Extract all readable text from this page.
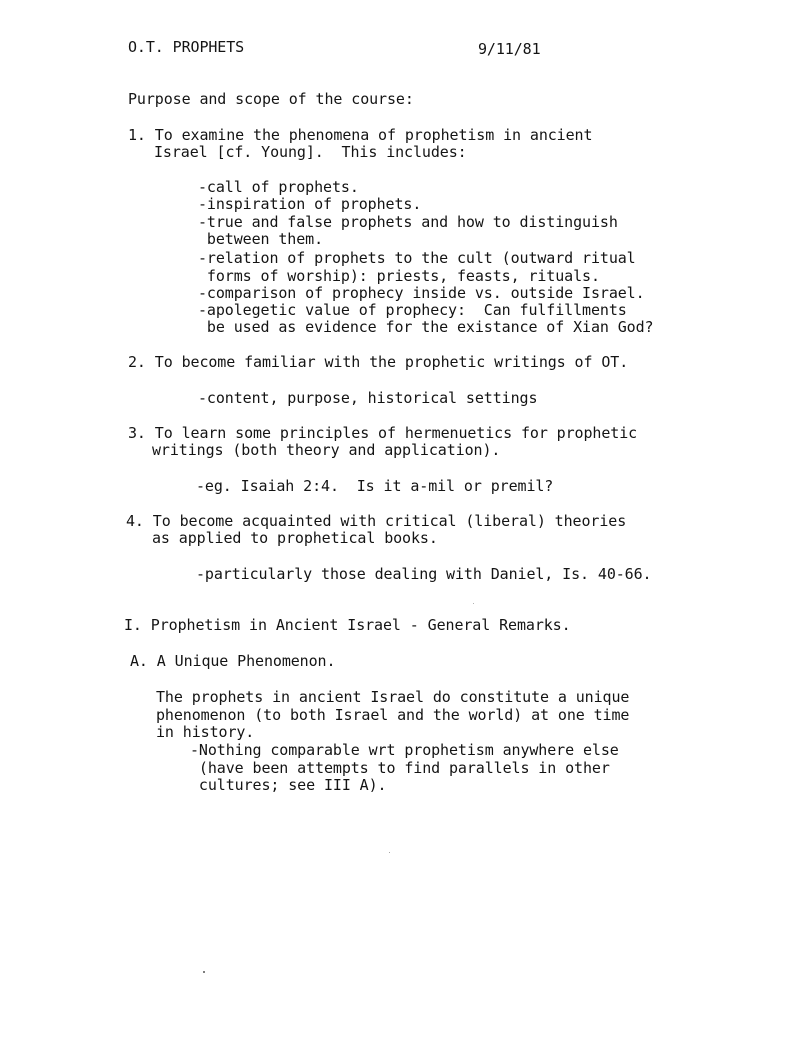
O.T. PROPHETS	9/11/81
Purpose and scope of the course:
1. To examine the phenomena of prophetism in ancient
Israel [cf. Young].  This includes:
-call of prophets.
-inspiration of prophets.
-true and false prophets and how to distinguish
between them.
-relation of prophets to the cult (outward ritual
forms of worship): priests, feasts, rituals.
-comparison of prophecy inside vs. outside Israel.
-apolegetic value of prophecy:  Can fulfillments
be used as evidence for the existance of Xian God?
2. To become familiar with the prophetic writings of OT.
-content, purpose, historical settings
3. To learn some principles of hermenuetics for prophetic
writings (both theory and application).
-eg. Isaiah 2:4.  Is it a-mil or premil?
4. To become acquainted with critical (liberal) theories
as applied to prophetical books.
-particularly those dealing with Daniel, Is. 40-66.
I. Prophetism in Ancient Israel - General Remarks.
A. A Unique Phenomenon.
The prophets in ancient Israel do constitute a unique
phenomenon (to both Israel and the world) at one time
in history.
-Nothing comparable wrt prophetism anywhere else
(have been attempts to find parallels in other
cultures; see III A).
